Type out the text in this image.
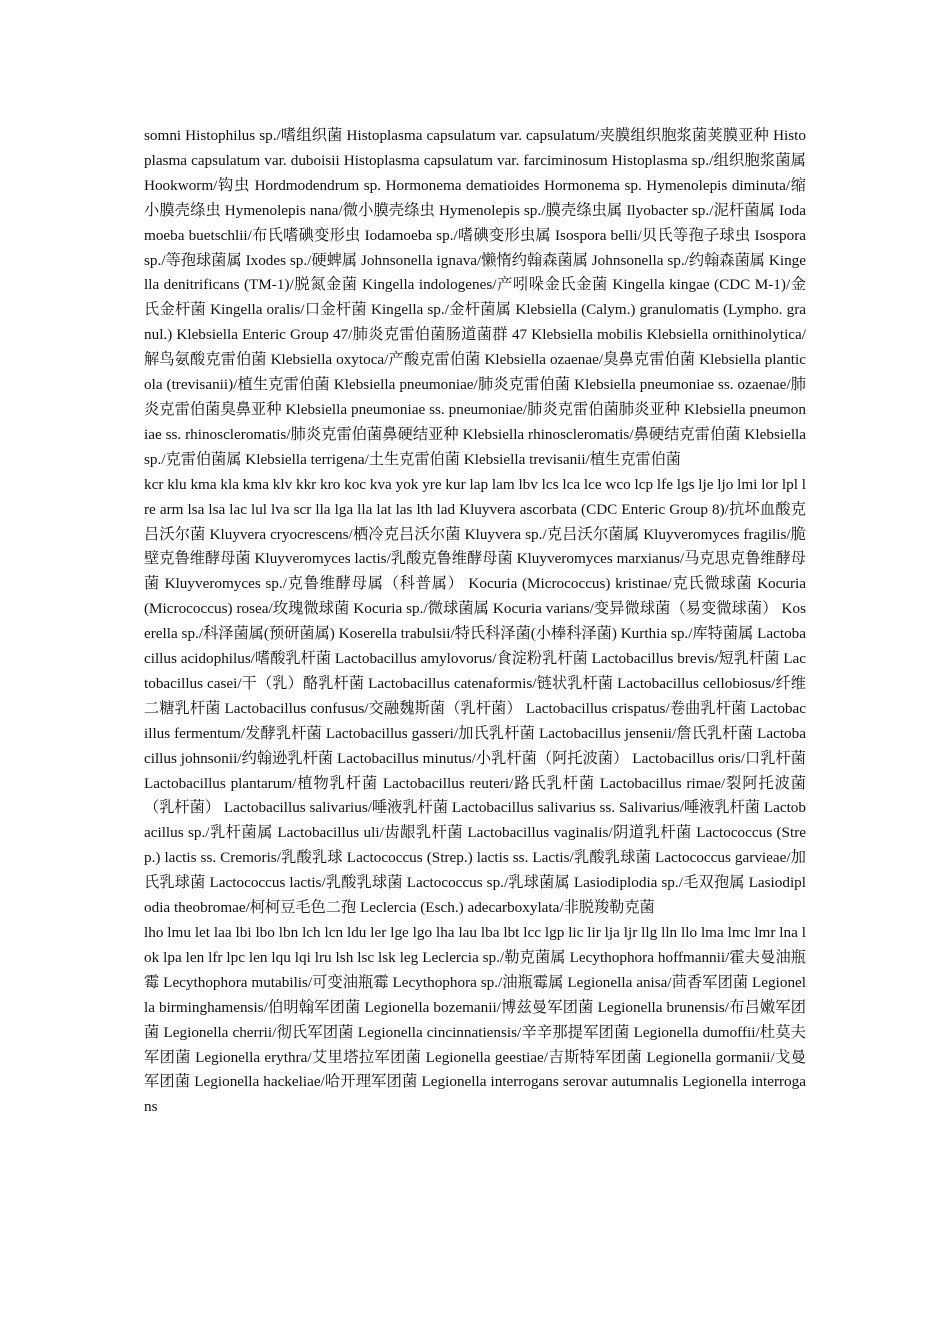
somni Histophilus sp./嗜组织菌 Histoplasma capsulatum var. capsulatum/夹膜组织胞浆菌荚膜亚种 Histoplasma capsulatum var. duboisii Histoplasma capsulatum var. farciminosum Histoplasma sp./组织胞浆菌属 Hookworm/钩虫 Hordmodendrum sp. Hormonema dematioides Hormonema sp. Hymenolepis diminuta/缩小膜壳绦虫 Hymenolepis nana/微小膜壳绦虫 Hymenolepis sp./膜壳绦虫属 Ilyobacter sp./泥杆菌属 Iodamoeba buetschlii/布氏嗜碘变形虫 Iodamoeba sp./嗜碘变形虫属 Isospora belli/贝氏等孢子球虫 Isospora sp./等孢球菌属 Ixodes sp./硬蜱属 Johnsonella ignava/懒惰约翰森菌属 Johnsonella sp./约翰森菌属 Kingella denitrificans (TM-1)/脱氮金菌 Kingella indologenes/产吲哚金氏金菌 Kingella kingae (CDC M-1)/金氏金杆菌 Kingella oralis/口金杆菌 Kingella sp./金杆菌属 Klebsiella (Calym.) granulomatis (Lympho. granul.) Klebsiella Enteric Group 47/肺炎克雷伯菌肠道菌群 47 Klebsiella mobilis Klebsiella ornithinolytica/解鸟氨酸克雷伯菌 Klebsiella oxytoca/产酸克雷伯菌 Klebsiella ozaenae/臭鼻克雷伯菌 Klebsiella planticola (trevisanii)/植生克雷伯菌 Klebsiella pneumoniae/肺炎克雷伯菌 Klebsiella pneumoniae ss. ozaenae/肺炎克雷伯菌臭鼻亚种 Klebsiella pneumoniae ss. pneumoniae/肺炎克雷伯菌肺炎亚种 Klebsiella pneumoniae ss. rhinoscleromatis/肺炎克雷伯菌鼻硬结亚种 Klebsiella rhinoscleromatis/鼻硬结克雷伯菌 Klebsiella sp./克雷伯菌属 Klebsiella terrigena/土生克雷伯菌 Klebsiella trevisanii/植生克雷伯菌

kcr klu kma kla kma klv kkr kro koc kva yok yre kur lap lam lbv lcs lca lce wco lcp lfe lgs lje ljo lmi lor lpl lre arm lsa lsa lac lul lva scr lla lga lla lat las lth lad Kluyvera ascorbata (CDC Enteric Group 8)/抗坏血酸克吕沃尔菌 Kluyvera cryocrescens/栖冷克吕沃尔菌 Kluyvera sp./克吕沃尔菌属 Kluyveromyces fragilis/脆壁克鲁维酵母菌 Kluyveromyces lactis/乳酸克鲁维酵母菌 Kluyveromyces marxianus/马克思克鲁维酵母菌 Kluyveromyces sp./克鲁维酵母属（科普属） Kocuria (Micrococcus) kristinae/克氏微球菌 Kocuria (Micrococcus) rosea/玫瑰微球菌 Kocuria sp./微球菌属 Kocuria varians/变异微球菌（易变微球菌） Koserella sp./科泽菌属(预研菌属) Koserella trabulsii/特氏科泽菌(小棒科泽菌) Kurthia sp./库特菌属 Lactobacillus acidophilus/嗜酸乳杆菌 Lactobacillus amylovorus/食淀粉乳杆菌 Lactobacillus brevis/短乳杆菌 Lactobacillus casei/干（乳）酪乳杆菌 Lactobacillus catenaformis/链状乳杆菌 Lactobacillus cellobiosus/纤维二糖乳杆菌 Lactobacillus confusus/交融魏斯菌（乳杆菌） Lactobacillus crispatus/卷曲乳杆菌 Lactobacillus fermentum/发酵乳杆菌 Lactobacillus gasseri/加氏乳杆菌 Lactobacillus jensenii/詹氏乳杆菌 Lactobacillus johnsonii/约翰逊乳杆菌 Lactobacillus minutus/小乳杆菌（阿托波菌） Lactobacillus oris/口乳杆菌 Lactobacillus plantarum/植物乳杆菌 Lactobacillus reuteri/路氏乳杆菌 Lactobacillus rimae/裂阿托波菌（乳杆菌） Lactobacillus salivarius/唾液乳杆菌 Lactobacillus salivarius ss. Salivarius/唾液乳杆菌 Lactobacillus sp./乳杆菌属 Lactobacillus uli/齿龈乳杆菌 Lactobacillus vaginalis/阴道乳杆菌 Lactococcus (Strep.) lactis ss. Cremoris/乳酸乳球 Lactococcus (Strep.) lactis ss. Lactis/乳酸乳球菌 Lactococcus garvieae/加氏乳球菌 Lactococcus lactis/乳酸乳球菌 Lactococcus sp./乳球菌属 Lasiodiplodia sp./毛双孢属 Lasiodiplodia theobromae/柯柯豆毛色二孢 Leclercia (Esch.) adecarboxylata/非脱羧勒克菌

lho lmu let laa lbi lbo lbn lch lcn ldu ler lge lgo lha lau lba lbt lcc lgp lic lir lja ljr llg lln llo lma lmc lmr lna lok lpa len lfr lpc len lqu lqi lru lsh lsc lsk leg Leclercia sp./勒克菌属 Lecythophora hoffmannii/霍夫曼油瓶霉 Lecythophora mutabilis/可变油瓶霉 Lecythophora sp./油瓶霉属 Legionella anisa/茴香军团菌 Legionella birminghamensis/伯明翰军团菌 Legionella bozemanii/博兹曼军团菌 Legionella brunensis/布吕嫩军团菌 Legionella cherrii/彻氏军团菌 Legionella cincinnatiensis/辛辛那提军团菌 Legionella dumoffii/杜莫夫军团菌 Legionella erythra/艾里塔拉军团菌 Legionella geestiae/吉斯特军团菌 Legionella gormanii/戈曼军团菌 Legionella hackeliae/哈开理军团菌 Legionella interrogans serovar autumnalis Legionella interrogans
